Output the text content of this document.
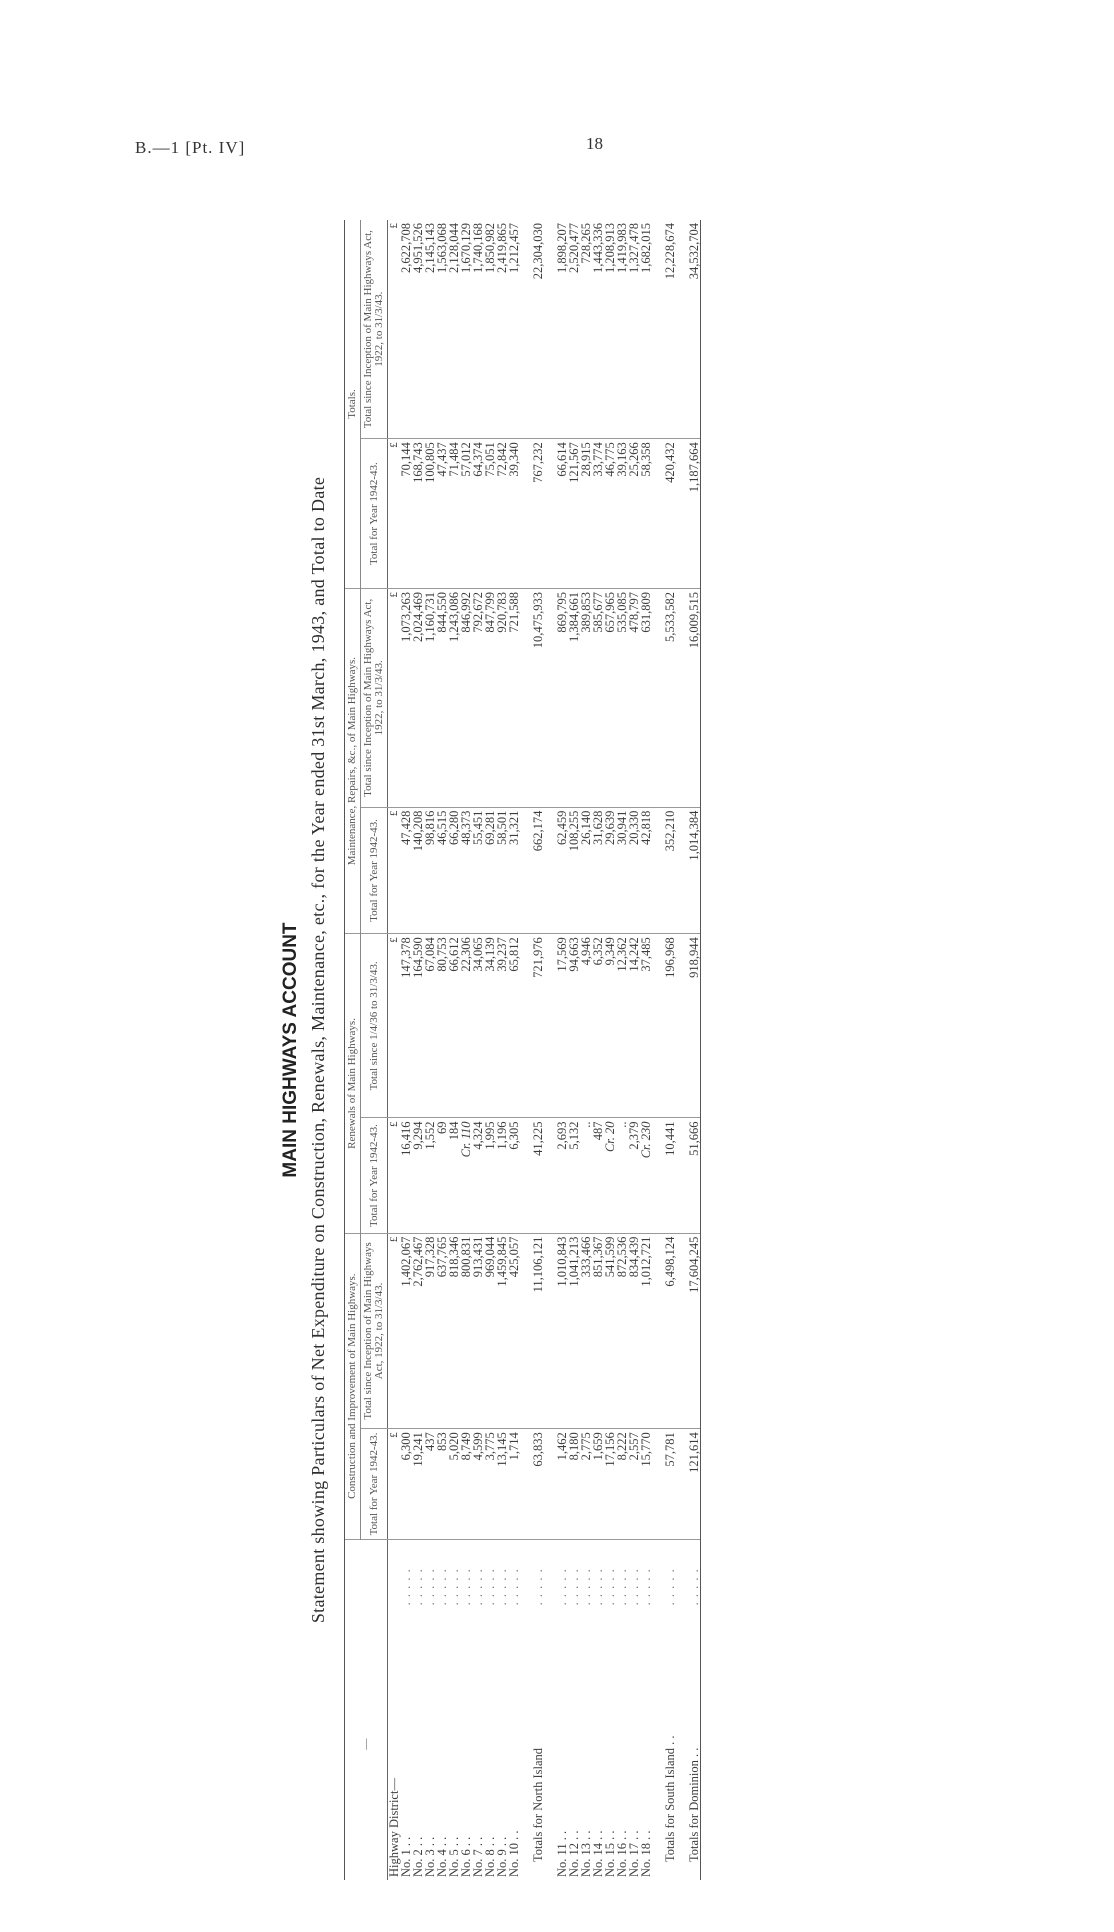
B.—1 [Pt. IV]	18
MAIN HIGHWAYS ACCOUNT Statement showing Particulars of Net Expenditure on Construction, Renewals, Maintenance, etc., for the Year ended 31st March, 1943, and Total to Date
—		Construction and Improvement of Main Highways.		Renewals of Main Highways.		Maintenance, Repairs, &c., of Main Highways.		Totals.	
		Total for Year 1942-43.	Total since Inception of Main Highways Act, 1922, to 31/3/43.	Total for Year 1942-43.	Total since 1/4/36 to 31/3/43.	Total for Year 1942-43.	Total since Inception of Main Highways Act, 1922, to 31/3/43.	Total for Year 1942-43.	Total since Inception of Main Highways Act, 1922, to 31/3/43.
Highway District—		£	£	£	£	£	£	£	£
No. 1 . .	. . . . .	6,300	1,402,067	16,416	147,378	47,428	1,073,263	70,144	2,622,708
No. 2 . .	. . . . .	19,241	2,762,467	9,294	164,590	140,208	2,024,469	168,743	4,951,526
No. 3 . .	. . . . .	437	917,328	1,552	67,084	98,816	1,160,731	100,805	2,145,143
No. 4 . .	. . . . .	853	637,765	69	80,753	46,515	844,550	47,437	1,563,068
No. 5 . .	. . . . .	5,020	818,346	184	66,612	66,280	1,243,086	71,484	2,128,044
No. 6 . .	. . . . .	8,749	800,831	Cr. 110	22,306	48,373	846,992	57,012	1,670,129
No. 7 . .	. . . . .	4,599	913,431	4,324	34,065	55,451	792,672	64,374	1,740,168
No. 8 . .	. . . . .	3,775	969,044	1,995	34,139	69,281	847,799	75,051	1,850,982
No. 9 . .	. . . . .	13,145	1,459,845	1,196	39,237	58,501	920,783	72,842	2,419,865
No. 10 . .	. . . . .	1,714	425,057	6,305	65,812	31,321	721,588	39,340	1,212,457

Totals for North Island	. . . . .	63,833	11,106,121	41,225	721,976	662,174	10,475,933	767,232	22,304,030

No. 11 . .	. . . . .	1,462	1,010,843	2,693	17,569	62,459	869,795	66,614	1,898,207
No. 12 . .	. . . . .	8,180	1,041,213	5,132	94,663	108,255	1,384,661	121,567	2,520,477
No. 13 . .	. . . . .	2,775	333,466	..	4,946	26,140	389,853	28,915	728,265
No. 14 . .	. . . . .	1,659	851,367	487	6,352	31,628	585,677	33,774	1,443,336
No. 15 . .	. . . . .	17,156	541,599	Cr. 20	9,349	29,639	657,965	46,775	1,208,913
No. 16 . .	. . . . .	8,222	872,536	..	12,362	30,941	535,085	39,163	1,419,983
No. 17 . .	. . . . .	2,557	834,439	2,379	14,242	20,330	478,797	25,266	1,327,478
No. 18 . .	. . . . .	15,770	1,012,721	Cr. 230	37,485	42,818	631,809	58,358	1,682,015

Totals for South Island . .	. . . . .	57,781	6,498,124	10,441	196,968	352,210	5,533,582	420,432	12,228,674

Totals for Dominion . .	. . . . .	121,614	17,604,245	51,666	918,944	1,014,384	16,009,515	1,187,664	34,532,704
